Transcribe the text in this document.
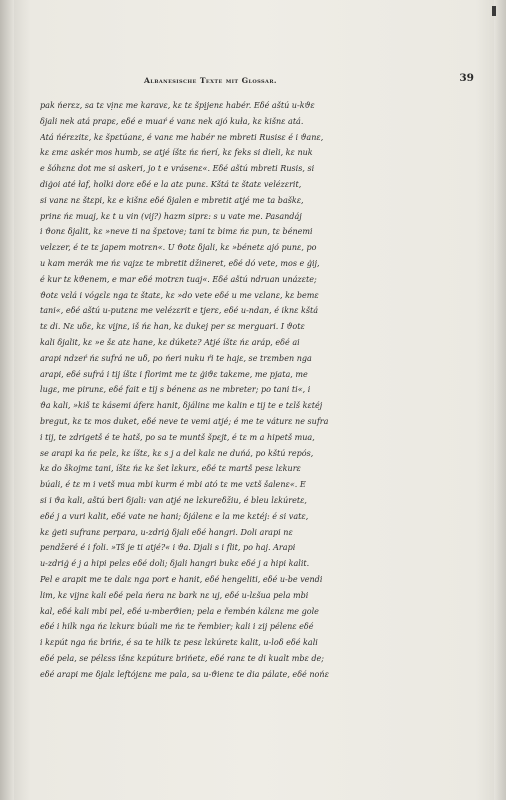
Albanesische Texte mit Glossar.	39
pak ńerεz, sa tε vịnε me karavε, kε tε špịjenε habér. Eδé aštú u-kϑε
δjali nek atá prapε, eδé e muaŕ é vanε nek ajó kuła, kε kišnε atá.
Atá ńérεzitε, kε špεtúanε, é vanε me habér ne mbreti Rusisε é i ϑanε,
kε εmε askér mos humb, se atjé íštε ńε ńerí, kε feks si dieli, kε nuk
e šóhεnε dot me si askeri, jo t e vrásenε«. Eδé aštú mbreti Rusis, si
diģoi até łaf, holki dorε eδé e la atε punε. Kštá tε štatε velézεrit,
si vanε nε štεpi, kε e kišnε eδé δjalen e mbretit atjé me ta baškε,
prinε ńε muaj, kε t u vin (vij?) hazm siprε: s u vate me. Pasandáj
i ϑonε δjalit, kε »neve ti na špεtove; tani tε bimε ńε pun, tε bénemi
velεzer, é te tε japem motrεn«. U ϑotε δjali, kε »bénetε ajó punε, po
u kam merák me ńε vajzε te mbretit džineret, eδé dó vete, mos e ģij,
é kur tε kϑenem, e mar eδé motrεn tuaj«. Eδé aštú ndruan unázεte;
ϑotε vεlá i vógεlε nga tε štatε, kε »do vete eδé u me vεlanε, kε bemε
tani«, eδé aštú u-putεnε me velézεrit e tjerε, eδé u-ndan, é iknε kštá
tε di. Nε uδε, kε vịjnε, iš ńε han, kε dukej per sε merguari. I ϑotε
kali δjalit, kε »e šε atε hane, kε dúketε? Atjé íštε ńε aráp, eδé ai
arapi ndzeŕ ńε sufrá ne uδ, po ńeri nuku ŕi te hajε, se trεmben nga
arapi, eδé sufrá i tij íštε i florimt me tε ģiϑε takεme, me pjata, me
lugε, me pirunε, eδé fait e tij s bénenε as ne mbreter; po tani ti«, i
ϑa kali, »kiš tε kásemi áferε hanit, δjálinε me kalin e tij te e tεlš kεtéj
bregut, kε tε mos duket, eδé neve te vemi atjé; é me te váturε ne sufra
i tij, te zdrigetš é te hatš, po sa te muntš špεjt, é tε m a hipetš mua,
se arapi ka ńε pelε, kε íštε, kε s j a del kalε ne duńá, po kštú repós,
kε do škojmε tani, íštε ńε kε šet lεkurε, eδé tε martš pesε lεkurε
búali, é tε m i vetš mua mbi kurm é mbi ató tε me vεtš šalenε«. E
si i ϑa kali, aštú beri δjali: van atjé ne lεkureδžiu, é bleu lεkúretε,
eδé j a vuri kalit, eδé vate ne hani; δjálenε e la me kεtéj: é si vatε,
kε ģeti sufranε perpara, u-zdriģ δjali eδé hangri. Doli arapi nε
pendžeré é i foli. »Tš je ti atjé?« i ϑa. Djali s i flit, po haj. Arapi
u-zdriģ é j a hipi pelεs eδé doli; δjali hangri bukε eδé j a hipi kalit.
Pel e arapit me te dalε nga port e hanit, eδé hengeliti, eδé u-be vendi
lim, kε vịjnε kali eδé pela ńera nε bark nε uj, eδé u-lεšua pela mbi
kal, eδé kali mbi pel, eδé u-mberϑien; pela e řembén kálεnε me gole
eδé i hilk nga ńε lεkurε búali me ńε te řembier; kali i zij pélenε eδé
i kεpút nga ńε brińε, é sa te hilk tε pesε lεkúretε kalit, u-loδ eδé kali
eδé pela, se pélεss išnε kεpúturε brińetε, eδé ranε te di kualt mbε de;
eδé arapi me δjalε leftójεnε me pala, sa u-ϑienε te dia pálate, eδé nońε
